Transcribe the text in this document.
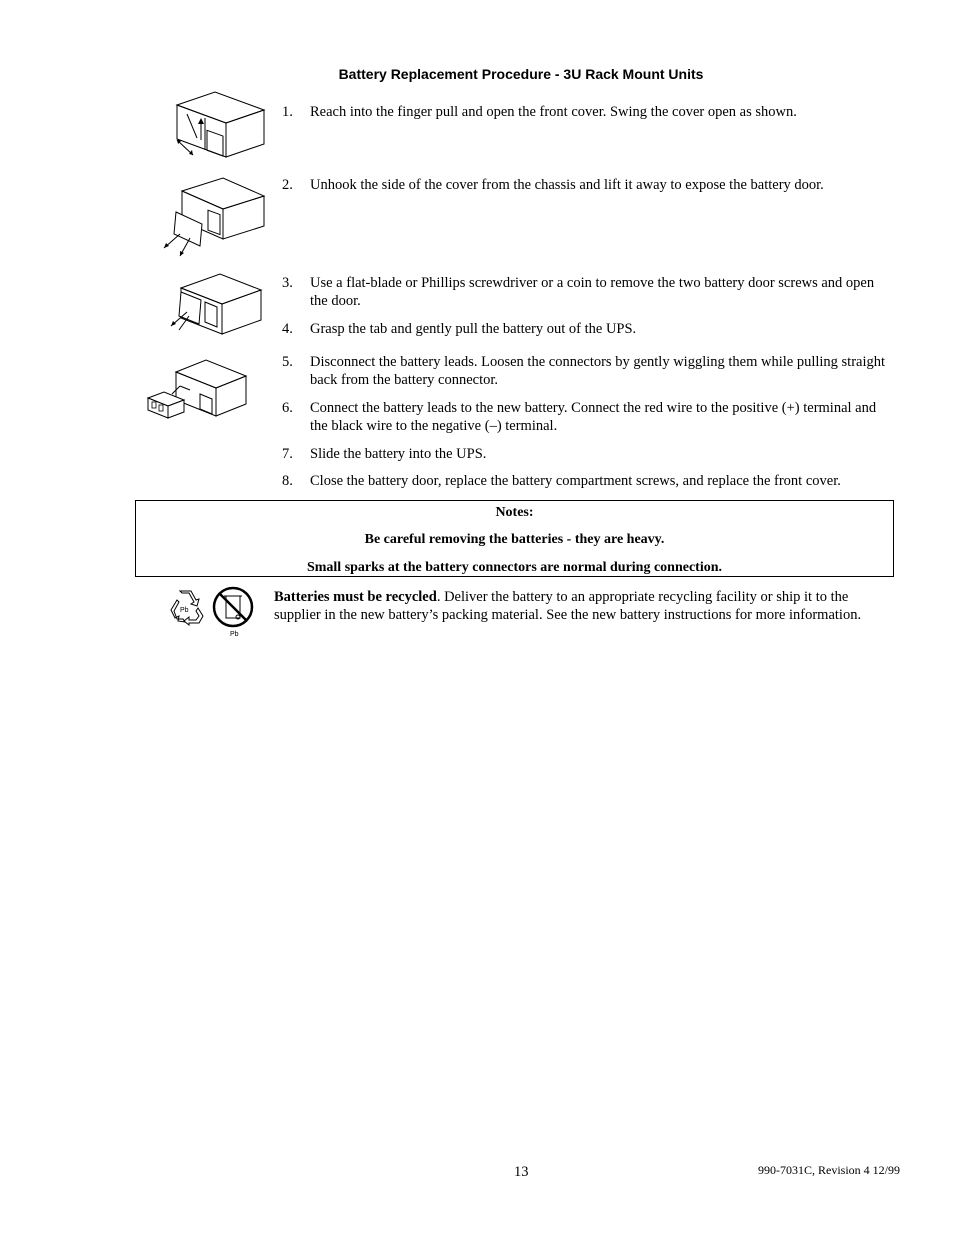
Battery Replacement Procedure - 3U Rack Mount Units
1. Reach into the finger pull and open the front cover. Swing the cover open as shown.
2. Unhook the side of the cover from the chassis and lift it away to expose the battery door.
3. Use a flat-blade or Phillips screwdriver or a coin to remove the two battery door screws and open the door.
4. Grasp the tab and gently pull the battery out of the UPS.
5. Disconnect the battery leads. Loosen the connectors by gently wiggling them while pulling straight back from the battery connector.
6. Connect the battery leads to the new battery. Connect the red wire to the positive (+) terminal and the black wire to the negative (–) terminal.
7. Slide the battery into the UPS.
8. Close the battery door, replace the battery compartment screws, and replace the front cover.
Notes:
Be careful removing the batteries - they are heavy.
Small sparks at the battery connectors are normal during connection.
Pb
Pb
Batteries must be recycled. Deliver the battery to an appropriate recycling facility or ship it to the supplier in the new battery’s packing material. See the new battery instructions for more information.
13	990-7031C, Revision 4 12/99
